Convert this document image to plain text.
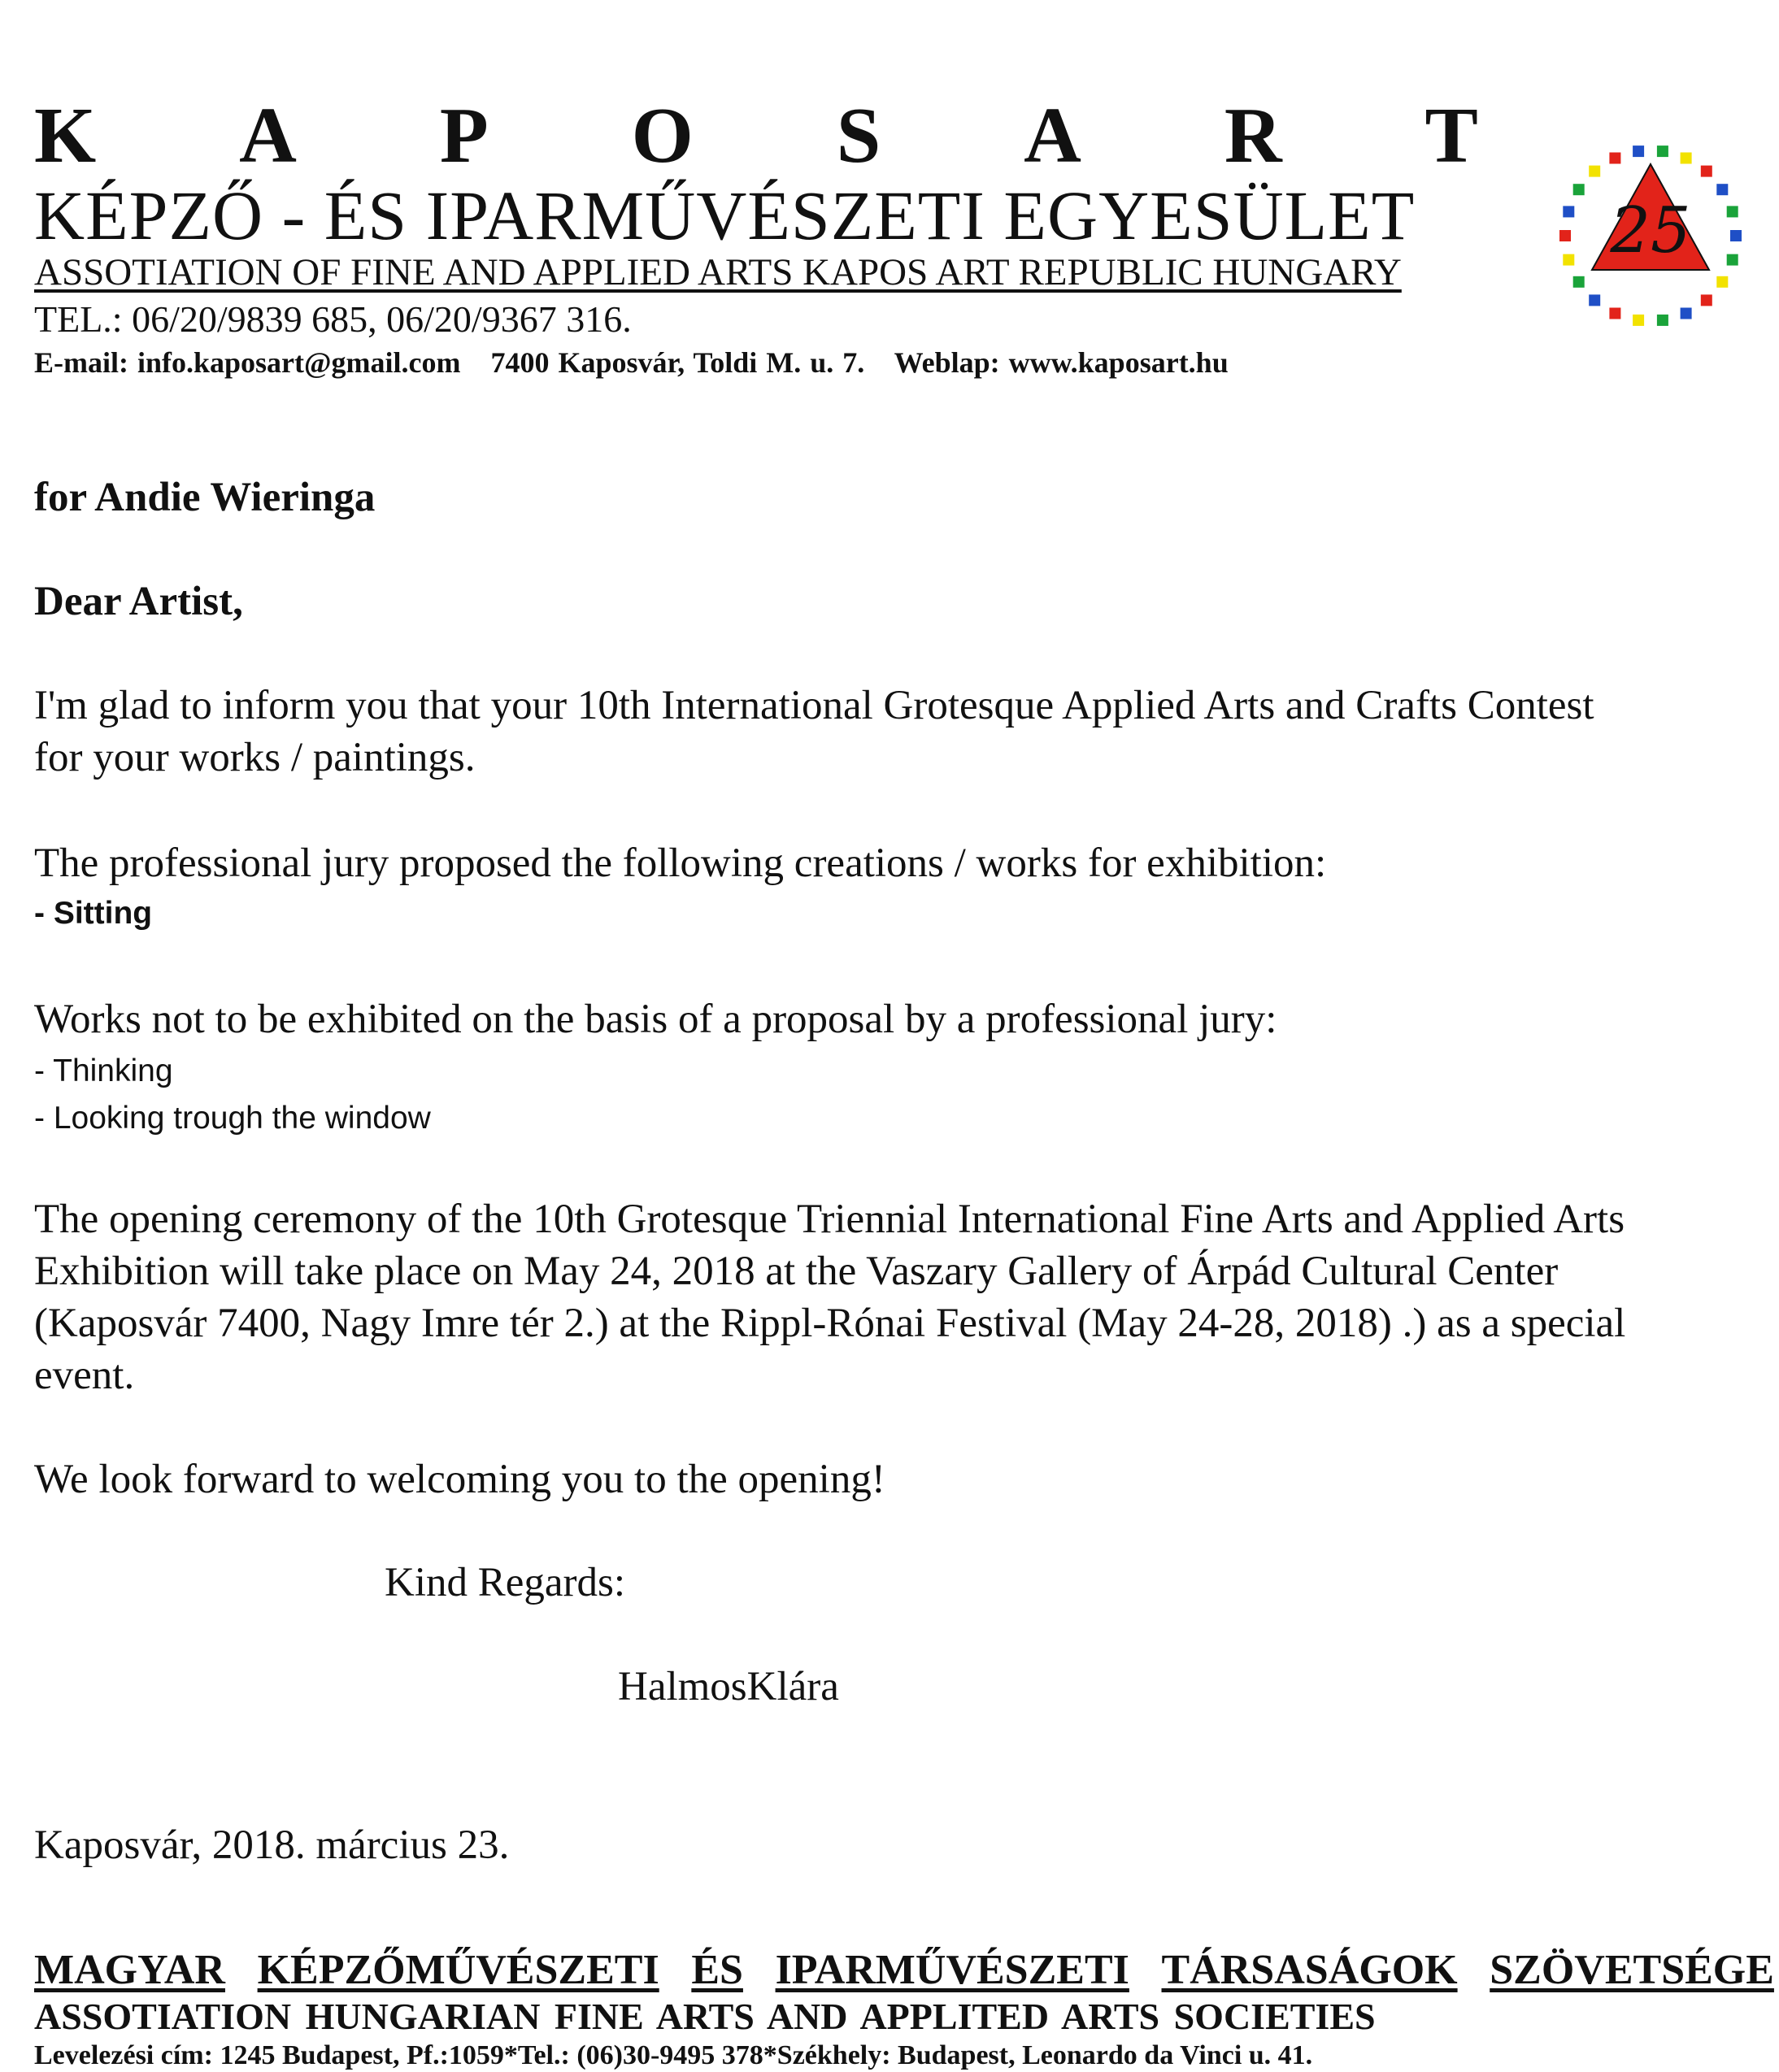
K A P O S A R T
KÉPZŐ - ÉS IPARMŰVÉSZETI EGYESÜLET
ASSOTIATION OF FINE AND APPLIED ARTS KAPOS ART REPUBLIC HUNGARY
TEL.: 06/20/9839 685, 06/20/9367 316.
E-mail: info.kaposart@gmail.com 7400 Kaposvár, Toldi M. u. 7. Weblap: www.kaposart.hu
25
for Andie Wieringa
Dear Artist,
I'm glad to inform you that your 10th International Grotesque Applied Arts and Crafts Contest
for your works / paintings.
The professional jury proposed the following creations / works for exhibition:
- Sitting
Works not to be exhibited on the basis of a proposal by a professional jury:
- Thinking
- Looking trough the window
The opening ceremony of the 10th Grotesque Triennial International Fine Arts and Applied Arts
Exhibition will take place on May 24, 2018 at the Vaszary Gallery of Árpád Cultural Center
(Kaposvár 7400, Nagy Imre tér 2.) at the Rippl-Rónai Festival (May 24-28, 2018) .) as a special
event.
We look forward to welcoming you to the opening!
Kind Regards:
HalmosKlára
Kaposvár, 2018. március 23.
MAGYAR KÉPZŐMŰVÉSZETI ÉS IPARMŰVÉSZETI TÁRSASÁGOK SZÖVETSÉGE
ASSOTIATION HUNGARIAN FINE ARTS AND APPLITED ARTS SOCIETIES
Levelezési cím: 1245 Budapest, Pf.:1059*Tel.: (06)30-9495 378*Székhely: Budapest, Leonardo da Vinci u. 41.
